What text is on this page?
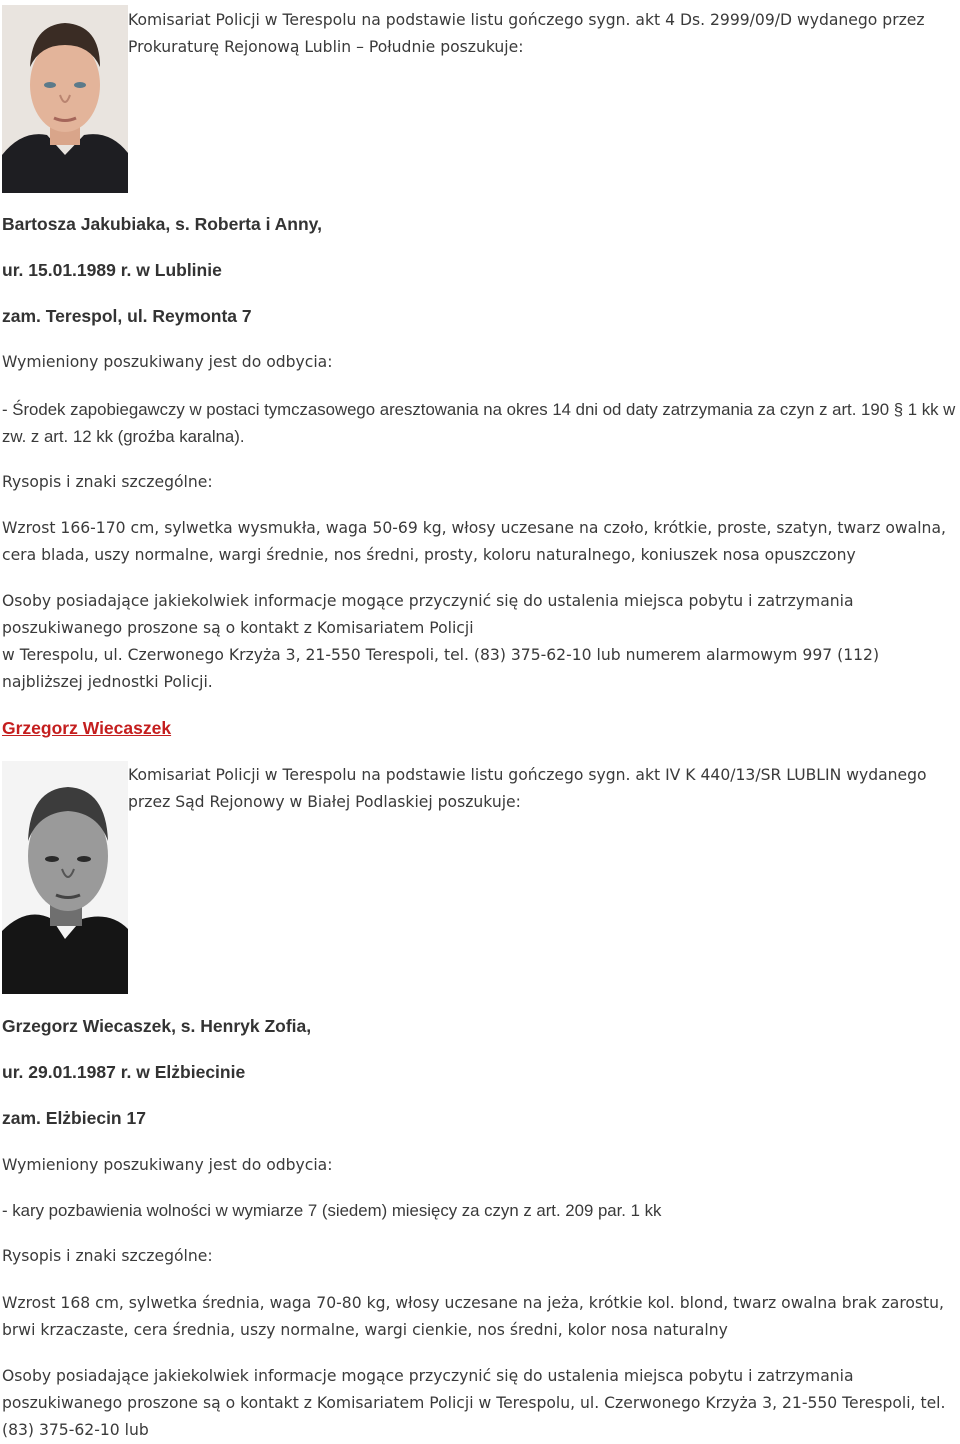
Komisariat Policji w Terespolu na podstawie listu gończego sygn. akt 4 Ds. 2999/09/D wydanego przez Prokuraturę Rejonową Lublin – Południe poszukuje:

Bartosza Jakubiaka, s. Roberta i Anny,

ur. 15.01.1989 r. w Lublinie

zam. Terespol, ul. Reymonta 7

Wymieniony poszukiwany jest do odbycia:

- Środek zapobiegawczy w postaci tymczasowego aresztowania na okres 14 dni od daty zatrzymania za czyn z art. 190 § 1 kk w zw. z art. 12 kk (groźba karalna).

Rysopis i znaki szczególne:

Wzrost 166-170 cm, sylwetka wysmukła, waga 50-69 kg, włosy uczesane na czoło, krótkie, proste, szatyn, twarz owalna, cera blada, uszy normalne, wargi średnie, nos średni, prosty, koloru naturalnego, koniuszek nosa opuszczony

Osoby posiadające jakiekolwiek informacje mogące przyczynić się do ustalenia miejsca pobytu i zatrzymania poszukiwanego proszone są o kontakt z Komisariatem Policji

w Terespolu, ul. Czerwonego Krzyża 3, 21-550 Terespoli, tel. (83) 375-62-10 lub numerem alarmowym 997 (112) najbliższej jednostki Policji.

Grzegorz Wiecaszek

Komisariat Policji w Terespolu na podstawie listu gończego sygn. akt IV K 440/13/SR LUBLIN wydanego przez Sąd Rejonowy w Białej Podlaskiej poszukuje:

Grzegorz Wiecaszek, s. Henryk Zofia,

ur. 29.01.1987 r. w Elżbiecinie

zam. Elżbiecin 17

Wymieniony poszukiwany jest do odbycia:

- kary pozbawienia wolności w wymiarze 7 (siedem) miesięcy za czyn z art. 209 par. 1 kk

Rysopis i znaki szczególne:

Wzrost 168 cm, sylwetka średnia, waga 70-80 kg, włosy uczesane na jeża, krótkie kol. blond, twarz owalna brak zarostu, brwi krzaczaste, cera średnia, uszy normalne, wargi cienkie, nos średni, kolor nosa naturalny

Osoby posiadające jakiekolwiek informacje mogące przyczynić się do ustalenia miejsca pobytu i zatrzymania poszukiwanego proszone są o kontakt z Komisariatem Policji w Terespolu, ul. Czerwonego Krzyża 3, 21-550 Terespoli, tel. (83) 375-62-10 lub
